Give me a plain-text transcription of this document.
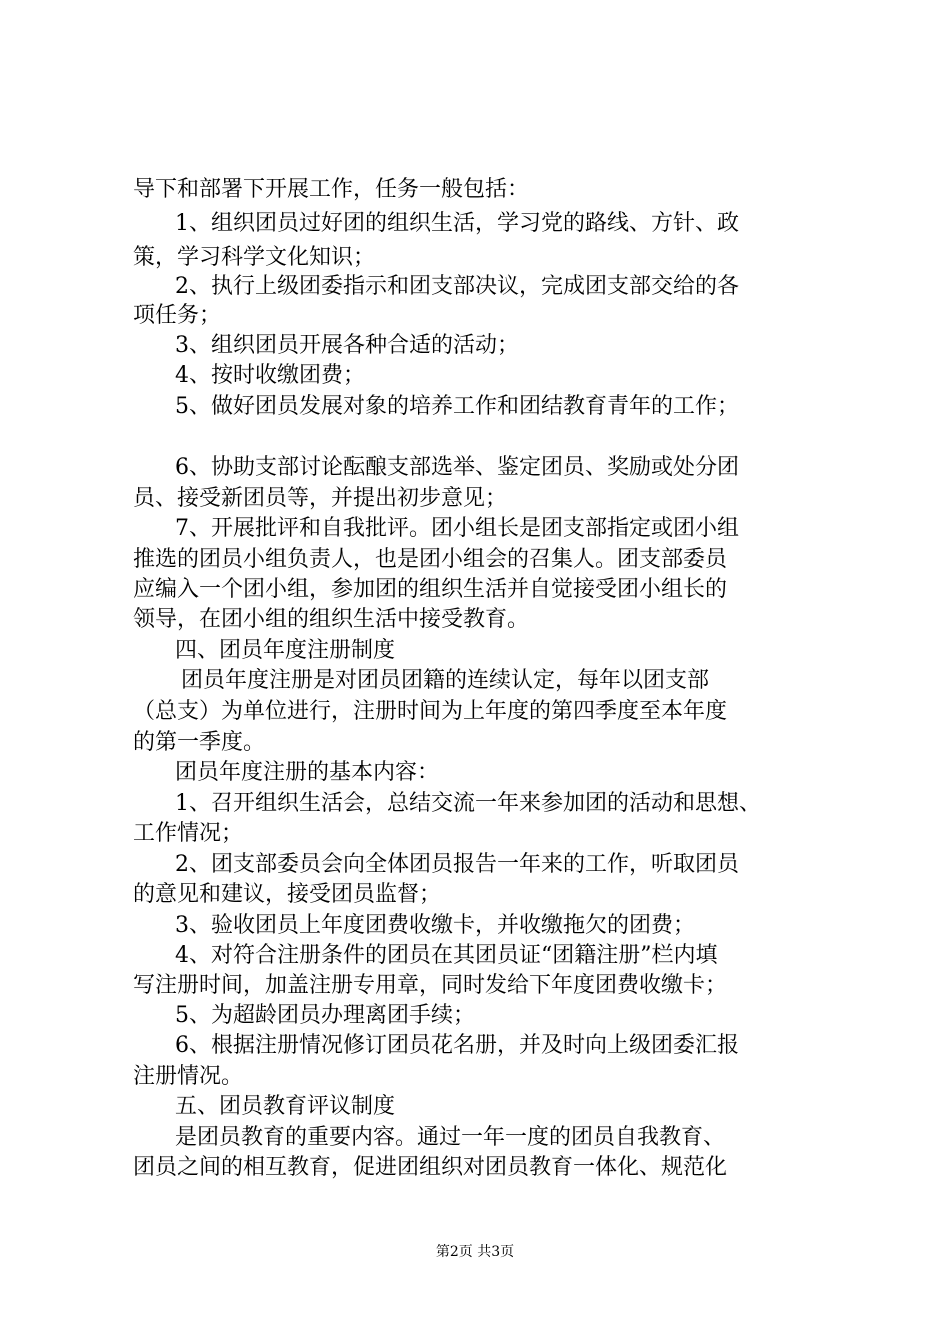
导下和部署下开展工作，任务一般包括：
1、组织团员过好团的组织生活，学习党的路线、方针、政
策，学习科学文化知识；
2、执行上级团委指示和团支部决议，完成团支部交给的各
项任务；
3、组织团员开展各种合适的活动；
4、按时收缴团费；
5、做好团员发展对象的培养工作和团结教育青年的工作；
6、协助支部讨论酝酿支部选举、鉴定团员、奖励或处分团
员、接受新团员等，并提出初步意见；
7、开展批评和自我批评。团小组长是团支部指定或团小组
推选的团员小组负责人，也是团小组会的召集人。团支部委员
应编入一个团小组，参加团的组织生活并自觉接受团小组长的
领导，在团小组的组织生活中接受教育。
四、团员年度注册制度
团员年度注册是对团员团籍的连续认定，每年以团支部
（总支）为单位进行，注册时间为上年度的第四季度至本年度
的第一季度。
团员年度注册的基本内容：
1、召开组织生活会，总结交流一年来参加团的活动和思想、
工作情况；
2、团支部委员会向全体团员报告一年来的工作，听取团员
的意见和建议，接受团员监督；
3、验收团员上年度团费收缴卡，并收缴拖欠的团费；
4、对符合注册条件的团员在其团员证“团籍注册”栏内填
写注册时间，加盖注册专用章，同时发给下年度团费收缴卡；
5、为超龄团员办理离团手续；
6、根据注册情况修订团员花名册，并及时向上级团委汇报
注册情况。
五、团员教育评议制度
是团员教育的重要内容。通过一年一度的团员自我教育、
团员之间的相互教育，促进团组织对团员教育一体化、规范化
第2页 共3页
